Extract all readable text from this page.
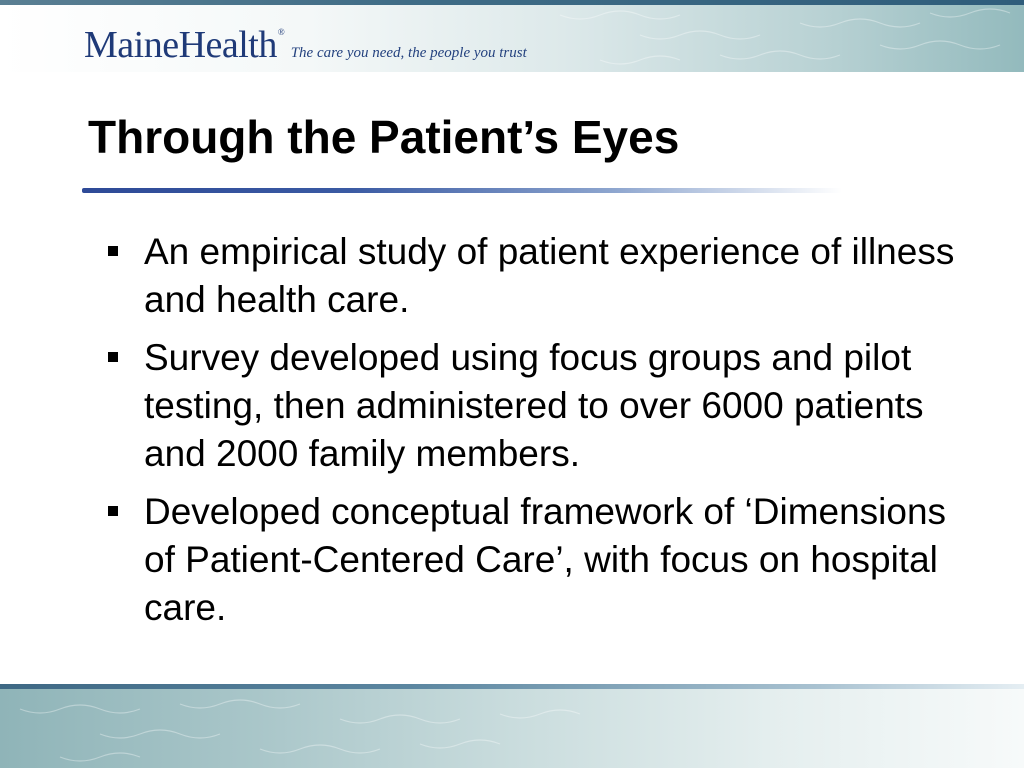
MaineHealth ®
The care you need, the people you trust
Through the Patient’s Eyes
An empirical study of patient experience of illness and health care.
Survey developed using focus groups and pilot testing, then administered to over 6000 patients and 2000 family members.
Developed conceptual framework of ‘Dimensions of Patient-Centered Care’, with focus on hospital care.
